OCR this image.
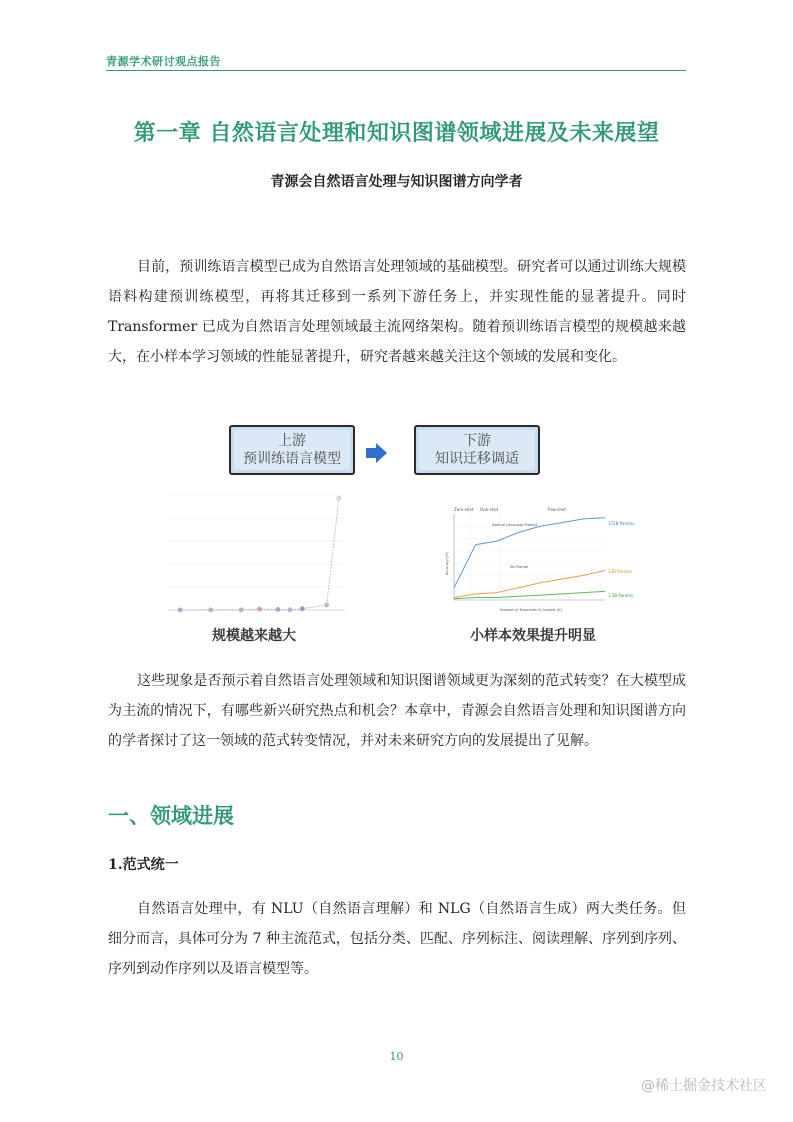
青源学术研讨观点报告
第一章 自然语言处理和知识图谱领域进展及未来展望
青源会自然语言处理与知识图谱方向学者

目前，预训练语言模型已成为自然语言处理领域的基础模型。研究者可以通过训练大规模语料构建预训练模型，再将其迁移到一系列下游任务上，并实现性能的显著提升。同时 Transformer 已成为自然语言处理领域最主流网络架构。随着预训练语言模型的规模越来越大，在小样本学习领域的性能显著提升，研究者越来越关注这个领域的发展和变化。

上游
预训练语言模型
下游
知识迁移调适
规模越来越大
Zero-shot One-shot	Few-shot
Natural Language Prompt
No Prompt
Number of Examples in Context (K)
Accuracy (%)
175B Params
13B Params
1.3B Params
小样本效果提升明显

这些现象是否预示着自然语言处理领域和知识图谱领域更为深刻的范式转变？在大模型成为主流的情况下，有哪些新兴研究热点和机会？本章中，青源会自然语言处理和知识图谱方向的学者探讨了这一领域的范式转变情况，并对未来研究方向的发展提出了见解。

一、领域进展
1.范式统一

自然语言处理中，有 NLU（自然语言理解）和 NLG（自然语言生成）两大类任务。但细分而言，具体可分为 7 种主流范式，包括分类、匹配、序列标注、阅读理解、序列到序列、序列到动作序列以及语言模型等。

10
@稀土掘金技术社区
